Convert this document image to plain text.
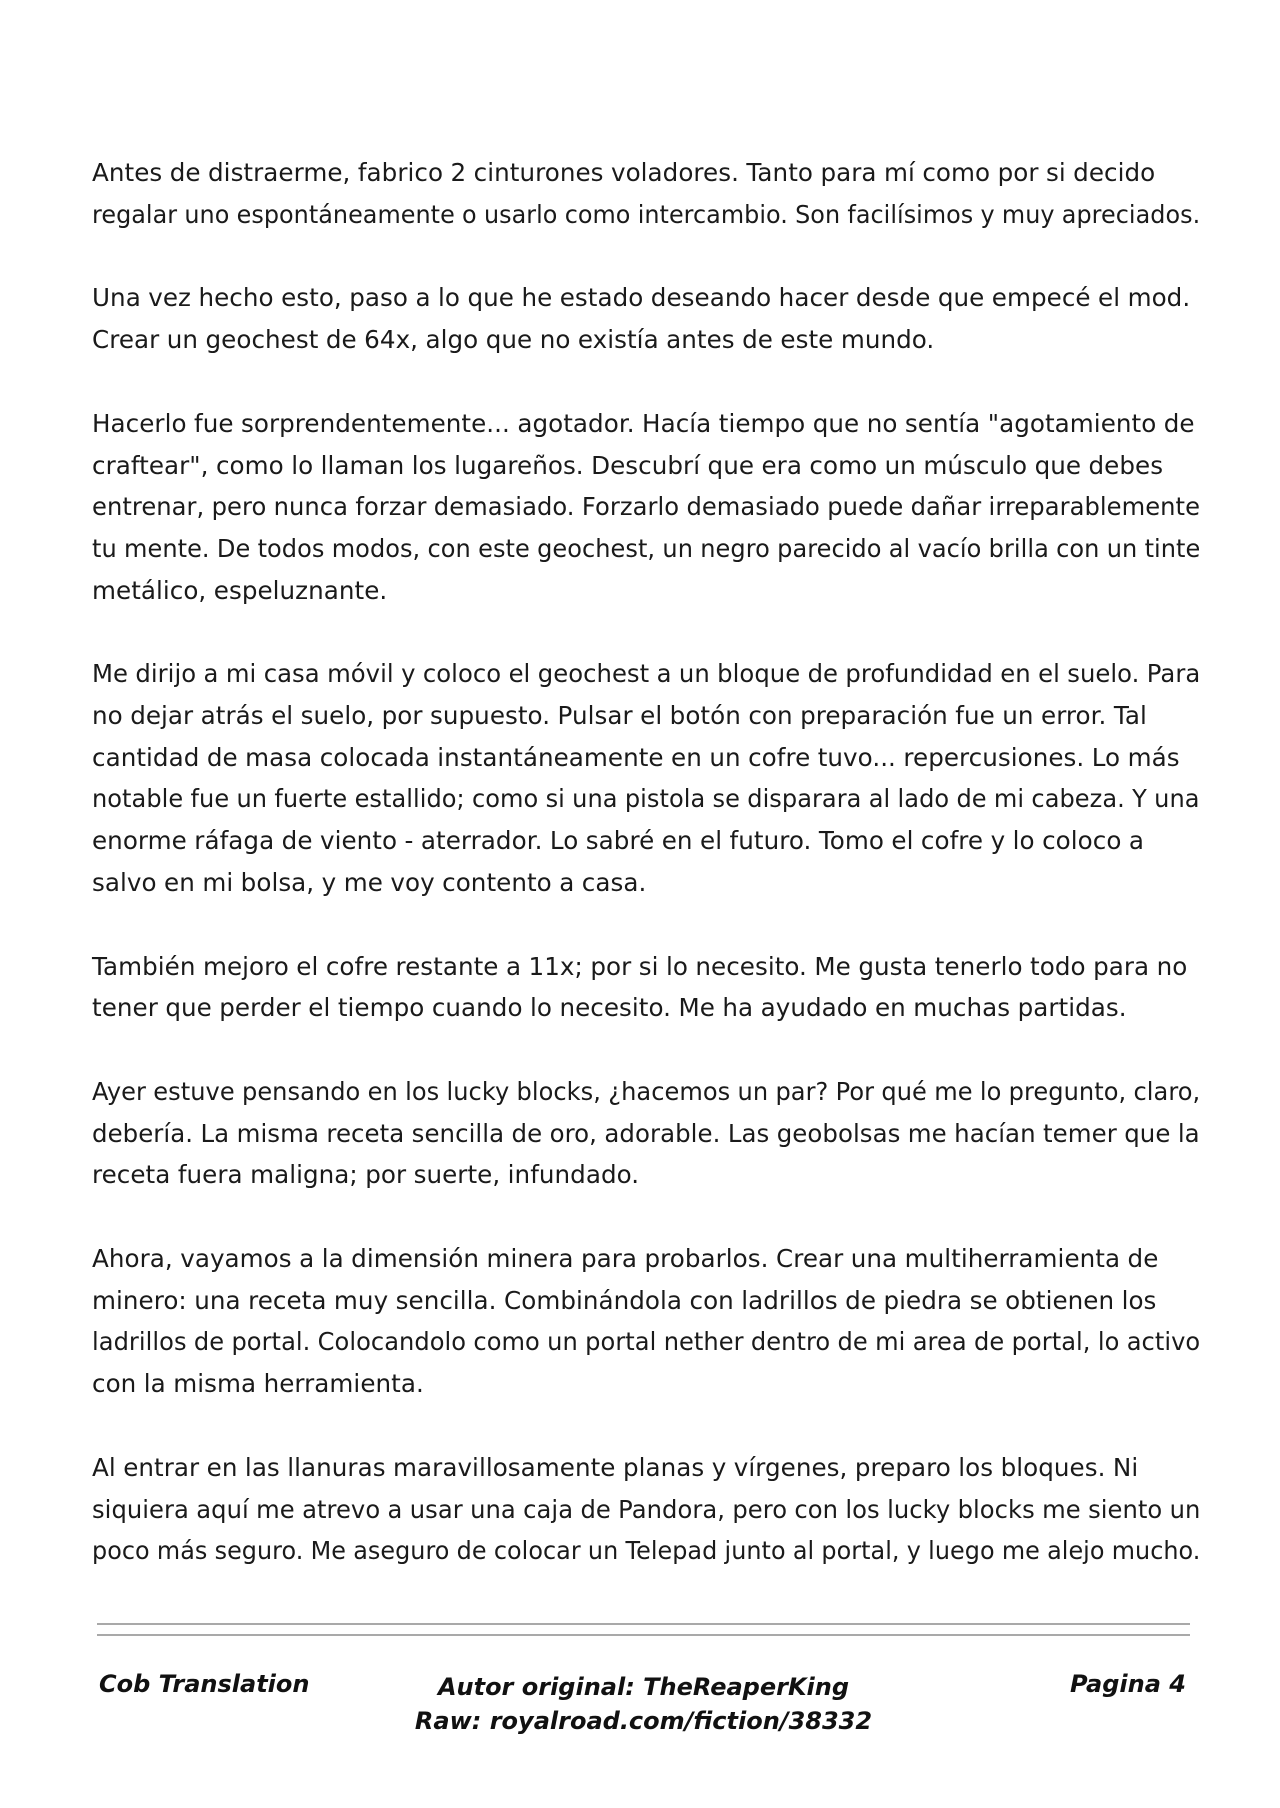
Antes de distraerme, fabrico 2 cinturones voladores. Tanto para mí como por si decido
regalar uno espontáneamente o usarlo como intercambio. Son facilísimos y muy apreciados.

Una vez hecho esto, paso a lo que he estado deseando hacer desde que empecé el mod.
Crear un geochest de 64x, algo que no existía antes de este mundo.

Hacerlo fue sorprendentemente... agotador. Hacía tiempo que no sentía "agotamiento de
craftear", como lo llaman los lugareños. Descubrí que era como un músculo que debes
entrenar, pero nunca forzar demasiado. Forzarlo demasiado puede dañar irreparablemente
tu mente. De todos modos, con este geochest, un negro parecido al vacío brilla con un tinte
metálico, espeluznante.

Me dirijo a mi casa móvil y coloco el geochest a un bloque de profundidad en el suelo. Para
no dejar atrás el suelo, por supuesto. Pulsar el botón con preparación fue un error. Tal
cantidad de masa colocada instantáneamente en un cofre tuvo... repercusiones. Lo más
notable fue un fuerte estallido; como si una pistola se disparara al lado de mi cabeza. Y una
enorme ráfaga de viento - aterrador. Lo sabré en el futuro. Tomo el cofre y lo coloco a
salvo en mi bolsa, y me voy contento a casa.

También mejoro el cofre restante a 11x; por si lo necesito. Me gusta tenerlo todo para no
tener que perder el tiempo cuando lo necesito. Me ha ayudado en muchas partidas.

Ayer estuve pensando en los lucky blocks, ¿hacemos un par? Por qué me lo pregunto, claro,
debería. La misma receta sencilla de oro, adorable. Las geobolsas me hacían temer que la
receta fuera maligna; por suerte, infundado.

Ahora, vayamos a la dimensión minera para probarlos. Crear una multiherramienta de
minero: una receta muy sencilla. Combinándola con ladrillos de piedra se obtienen los
ladrillos de portal. Colocandolo como un portal nether dentro de mi area de portal, lo activo
con la misma herramienta.

Al entrar en las llanuras maravillosamente planas y vírgenes, preparo los bloques. Ni
siquiera aquí me atrevo a usar una caja de Pandora, pero con los lucky blocks me siento un
poco más seguro. Me aseguro de colocar un Telepad junto al portal, y luego me alejo mucho.

Cob Translation	Autor original: TheReaperKing
Raw: royalroad.com/fiction/38332
Pagina 4
